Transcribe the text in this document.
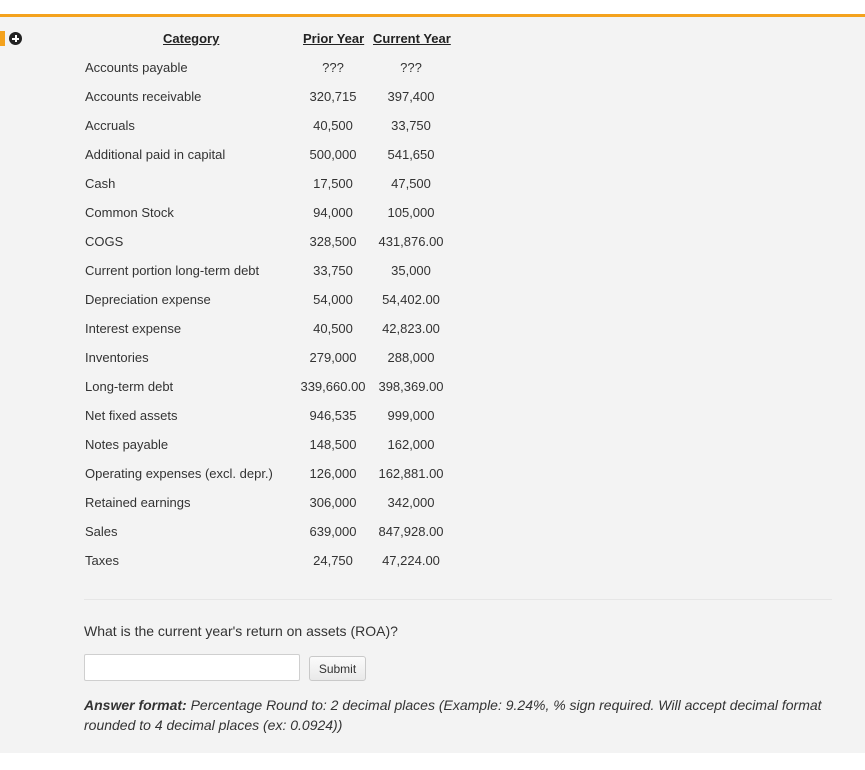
Category	Prior Year Current Year
Accounts payable
Accounts receivable
Accruals
Additional paid in capital
Cash
Common Stock
COGS
Current portion long-term debt
Depreciation expense
Interest expense
Inventories
Long-term debt
Net fixed assets
Notes payable
Operating expenses (excl. depr.)
Retained earnings
Sales
Taxes
What is the current year's return on assets (ROA)?
Submit
Answer format: Percentage Round to: 2 decimal places (Example: 9.24%, % sign required. Will accept decimal format rounded to 4 decimal places (ex: 0.0924))
